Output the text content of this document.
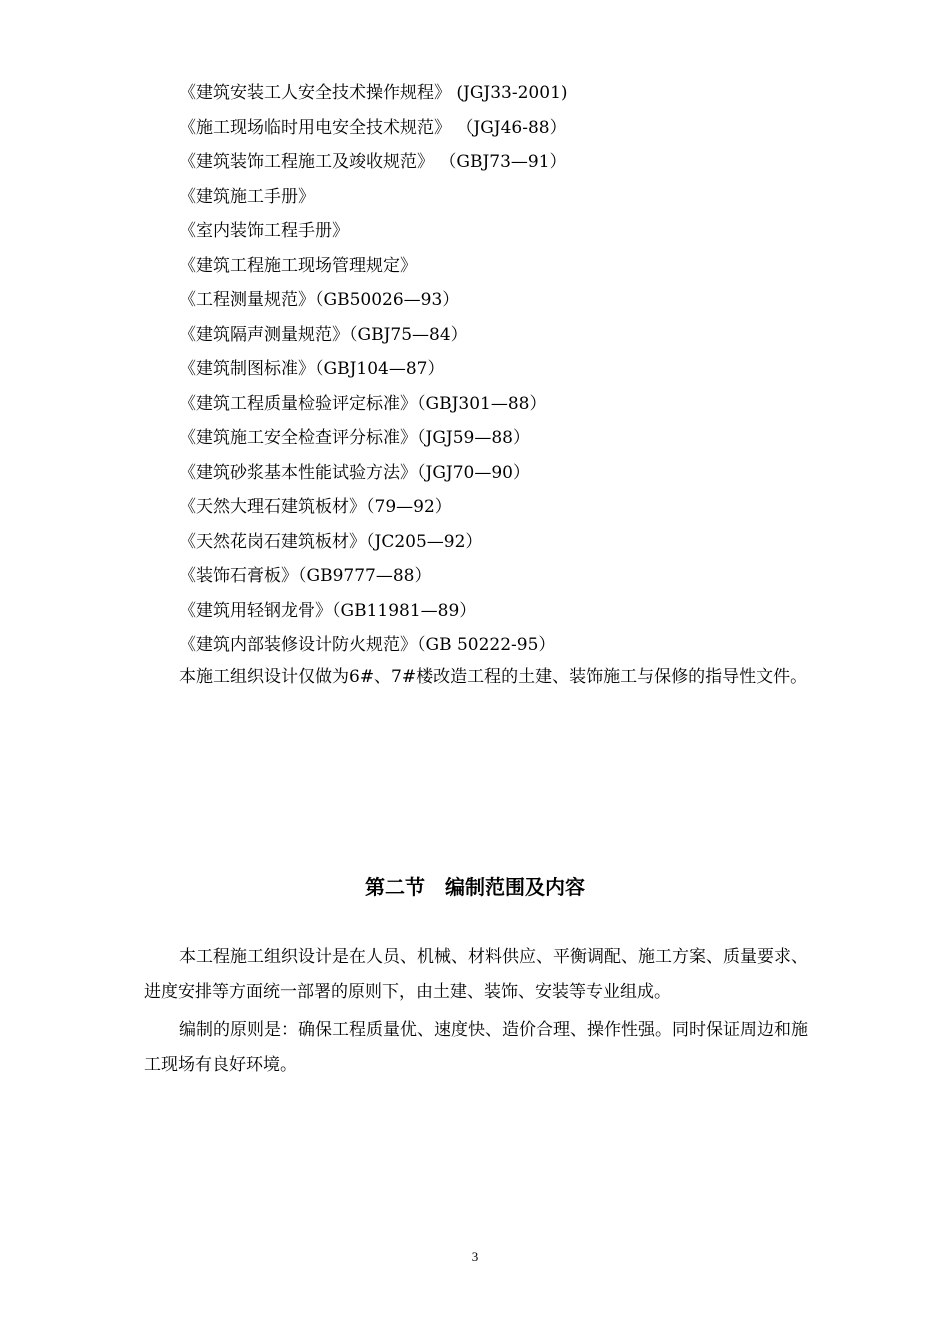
《建筑安装工人安全技术操作规程》 (JGJ33-2001)
《施工现场临时用电安全技术规范》 （JGJ46-88）
《建筑装饰工程施工及竣收规范》 （GBJ73—91）
《建筑施工手册》
《室内装饰工程手册》
《建筑工程施工现场管理规定》
《工程测量规范》（GB50026—93）
《建筑隔声测量规范》（GBJ75—84）
《建筑制图标准》（GBJ104—87）
《建筑工程质量检验评定标准》（GBJ301—88）
《建筑施工安全检查评分标准》（JGJ59—88）
《建筑砂浆基本性能试验方法》（JGJ70—90）
《天然大理石建筑板材》（79—92）
《天然花岗石建筑板材》（JC205—92）
《装饰石膏板》（GB9777—88）
《建筑用轻钢龙骨》（GB11981—89）
《建筑内部装修设计防火规范》（GB 50222-95）

本施工组织设计仅做为6#、7#楼改造工程的土建、装饰施工与保修的指导性文件。

第二节　编制范围及内容

本工程施工组织设计是在人员、机械、材料供应、平衡调配、施工方案、质量要求、进度安排等方面统一部署的原则下，由土建、装饰、安装等专业组成。

编制的原则是：确保工程质量优、速度快、造价合理、操作性强。同时保证周边和施工现场有良好环境。

3
